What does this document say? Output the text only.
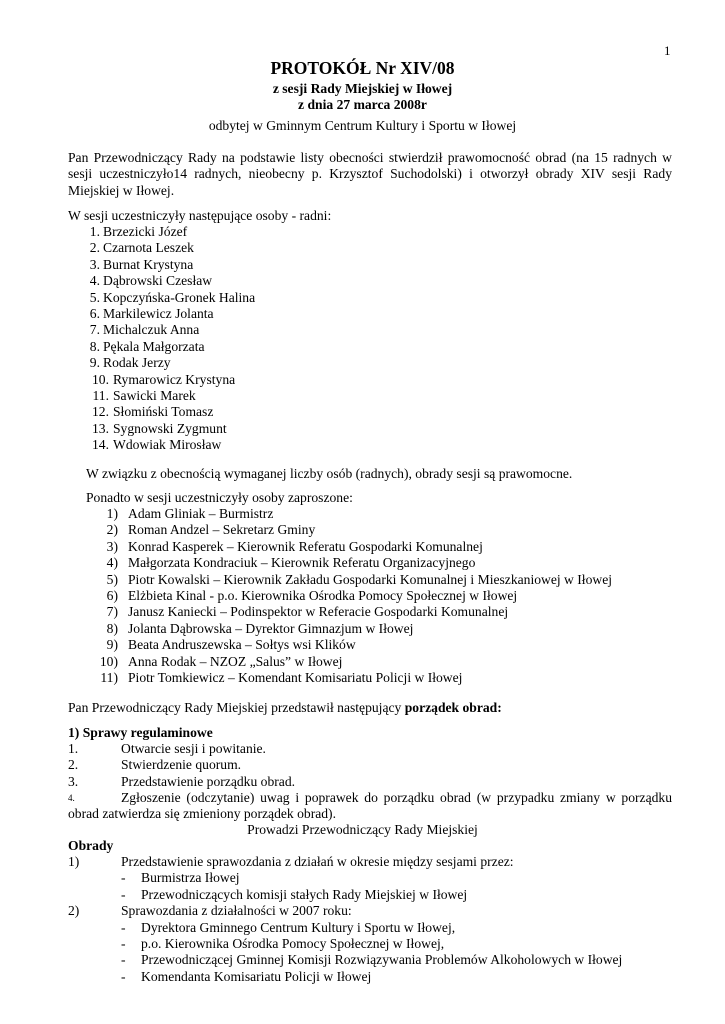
1
PROTOKÓŁ Nr XIV/08
z sesji Rady Miejskiej w Iłowej
z dnia 27 marca 2008r
odbytej w Gminnym Centrum Kultury i Sportu w Iłowej
Pan Przewodniczący Rady na podstawie listy obecności stwierdził prawomocność obrad (na 15 radnych w sesji uczestniczyło14 radnych, nieobecny p. Krzysztof Suchodolski) i otworzył obrady XIV sesji Rady Miejskiej w Iłowej.
W sesji uczestniczyły następujące osoby - radni:
1. Brzezicki Józef
2. Czarnota Leszek
3. Burnat Krystyna
4. Dąbrowski Czesław
5. Kopczyńska-Gronek Halina
6. Markilewicz Jolanta
7. Michalczuk Anna
8. Pękala Małgorzata
9. Rodak Jerzy
10. Rymarowicz Krystyna
11. Sawicki Marek
12. Słomiński Tomasz
13. Sygnowski Zygmunt
14. Wdowiak Mirosław
W związku z obecnością wymaganej liczby osób (radnych), obrady sesji są prawomocne.
Ponadto w sesji uczestniczyły osoby zaproszone:
1) Adam Gliniak – Burmistrz
2) Roman Andzel – Sekretarz Gminy
3) Konrad Kasperek – Kierownik Referatu Gospodarki Komunalnej
4) Małgorzata Kondraciuk – Kierownik Referatu Organizacyjnego
5) Piotr Kowalski – Kierownik Zakładu Gospodarki Komunalnej i Mieszkaniowej w Iłowej
6) Elżbieta Kinal - p.o. Kierownika Ośrodka Pomocy Społecznej w Iłowej
7) Janusz Kaniecki – Podinspektor w Referacie Gospodarki Komunalnej
8) Jolanta Dąbrowska – Dyrektor Gimnazjum w Iłowej
9) Beata Andruszewska – Sołtys wsi Klików
10) Anna Rodak – NZOZ „Salus” w Iłowej
11) Piotr Tomkiewicz – Komendant Komisariatu Policji w Iłowej
Pan Przewodniczący Rady Miejskiej przedstawił następujący porządek obrad:
1) Sprawy regulaminowe
1.	Otwarcie sesji i powitanie.
2.	Stwierdzenie quorum.
3.	Przedstawienie porządku obrad.
4.	Zgłoszenie (odczytanie) uwag i poprawek do porządku obrad (w przypadku zmiany w porządku obrad zatwierdza się zmieniony porządek obrad).
Prowadzi Przewodniczący Rady Miejskiej
Obrady
1)	Przedstawienie sprawozdania z działań w okresie między sesjami przez:
-	Burmistrza Iłowej
-	Przewodniczących komisji stałych Rady Miejskiej w Iłowej
2)	Sprawozdania z działalności w 2007 roku:
-	Dyrektora Gminnego Centrum Kultury i Sportu w Iłowej,
-	p.o. Kierownika Ośrodka Pomocy Społecznej w Iłowej,
-	Przewodniczącej Gminnej Komisji Rozwiązywania Problemów Alkoholowych w Iłowej
-	Komendanta Komisariatu Policji w Iłowej
